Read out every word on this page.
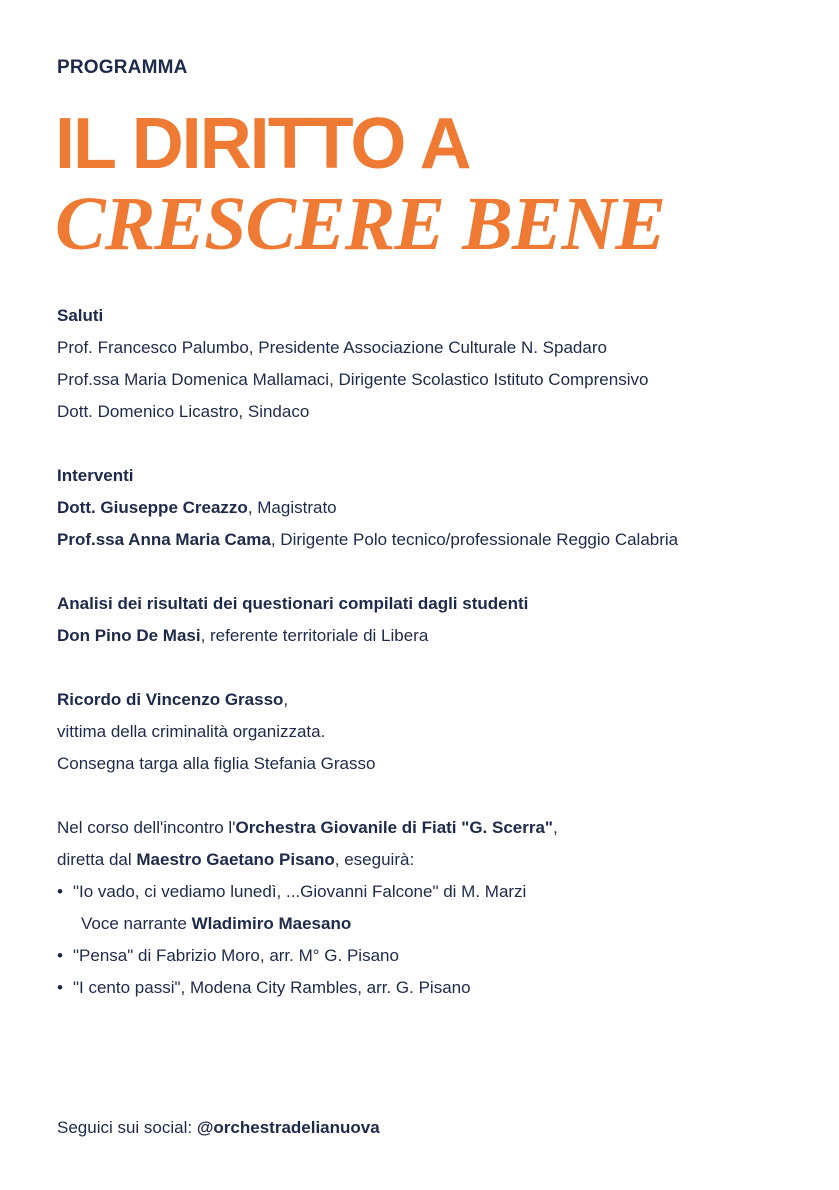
PROGRAMMA
IL DIRITTO A
CRESCERE BENE
Saluti
Prof. Francesco Palumbo, Presidente Associazione Culturale N. Spadaro
Prof.ssa Maria Domenica Mallamaci, Dirigente Scolastico Istituto Comprensivo
Dott. Domenico Licastro, Sindaco
Interventi
Dott. Giuseppe Creazzo, Magistrato
Prof.ssa Anna Maria Cama, Dirigente Polo tecnico/professionale Reggio Calabria
Analisi dei risultati dei questionari compilati dagli studenti
Don Pino De Masi, referente territoriale di Libera
Ricordo di Vincenzo Grasso,
vittima della criminalità organizzata.
Consegna targa alla figlia Stefania Grasso
Nel corso dell'incontro l'Orchestra Giovanile di Fiati "G. Scerra",
diretta dal Maestro Gaetano Pisano, eseguirà:
• "Io vado, ci vediamo lunedì, ...Giovanni Falcone" di M. Marzi
Voce narrante Wladimiro Maesano
• "Pensa" di Fabrizio Moro, arr. M° G. Pisano
• "I cento passi", Modena City Rambles, arr. G. Pisano
Seguici sui social: @orchestradelianuova
